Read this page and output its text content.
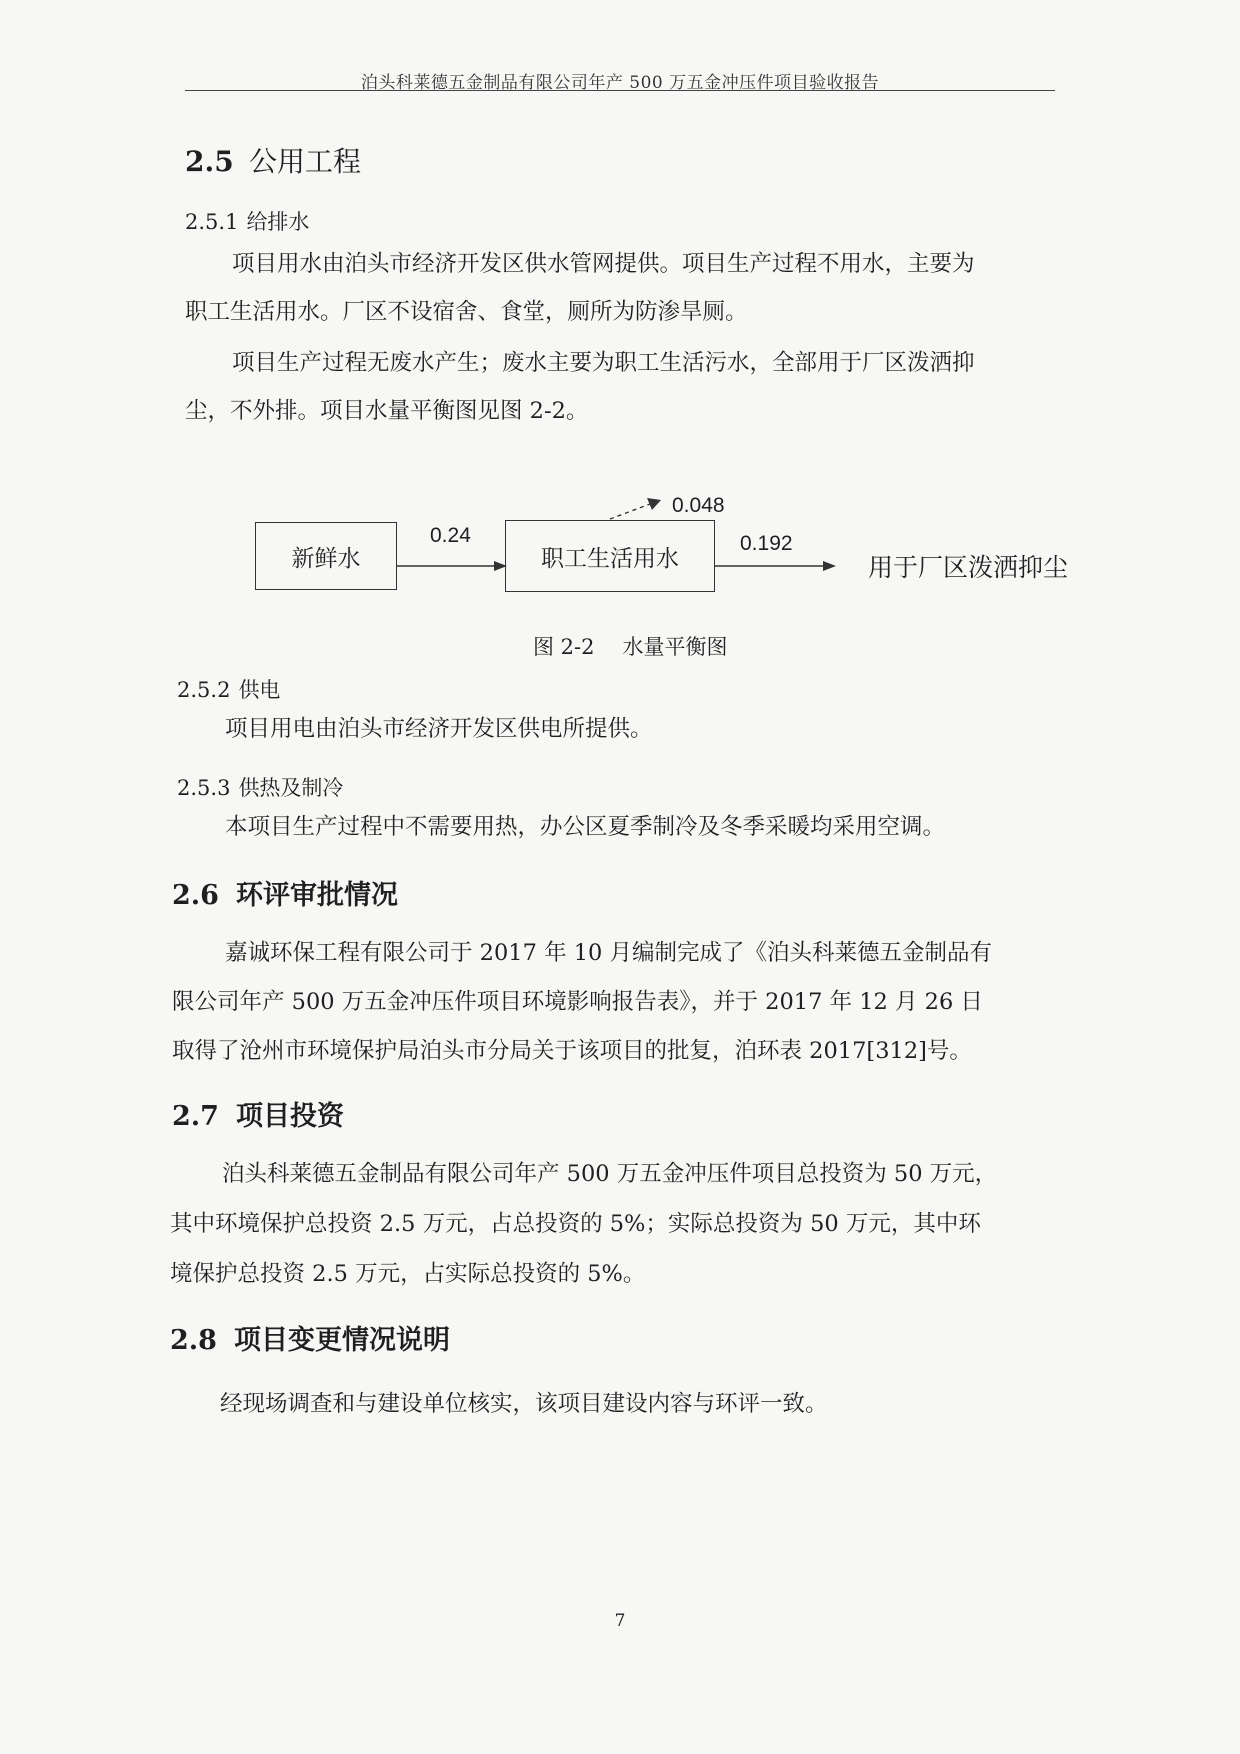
泊头科莱德五金制品有限公司年产 500 万五金冲压件项目验收报告
2.5 公用工程
2.5.1 给排水
项目用水由泊头市经济开发区供水管网提供。项目生产过程不用水，主要为
职工生活用水。厂区不设宿舍、食堂，厕所为防渗旱厕。
项目生产过程无废水产生；废水主要为职工生活污水，全部用于厂区泼洒抑
尘，不外排。项目水量平衡图见图 2-2。
新鲜水	职工生活用水	用于厂区泼洒抑尘
0.24	0.192
0.048
图 2-2 水量平衡图
2.5.2 供电
项目用电由泊头市经济开发区供电所提供。
2.5.3 供热及制冷
本项目生产过程中不需要用热，办公区夏季制冷及冬季采暖均采用空调。
2.6 环评审批情况
嘉诚环保工程有限公司于 2017 年 10 月编制完成了《泊头科莱德五金制品有
限公司年产 500 万五金冲压件项目环境影响报告表》，并于 2017 年 12 月 26 日
取得了沧州市环境保护局泊头市分局关于该项目的批复，泊环表 2017[312]号。
2.7 项目投资
泊头科莱德五金制品有限公司年产 500 万五金冲压件项目总投资为 50 万元，
其中环境保护总投资 2.5 万元，占总投资的 5%；实际总投资为 50 万元，其中环
境保护总投资 2.5 万元，占实际总投资的 5%。
2.8 项目变更情况说明
经现场调查和与建设单位核实，该项目建设内容与环评一致。
7
